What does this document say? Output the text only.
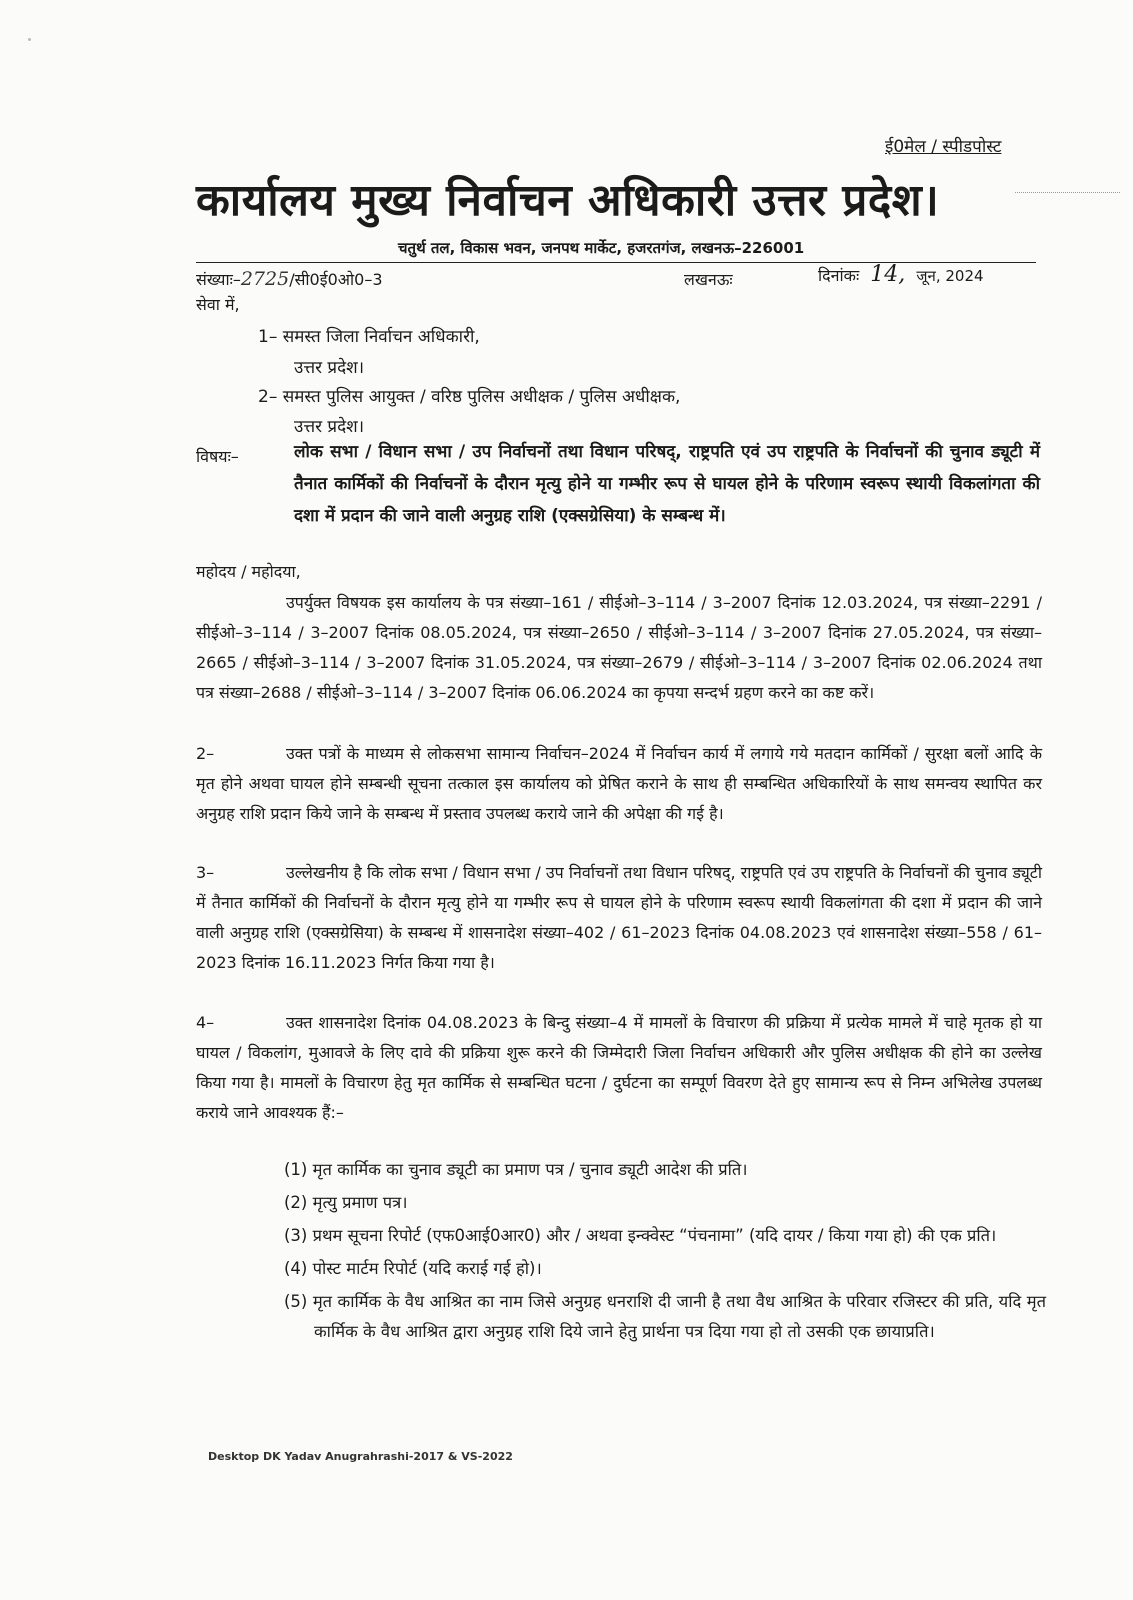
ई0मेल / स्पीडपोस्ट
कार्यालय मुख्य निर्वाचन अधिकारी उत्तर प्रदेश।
चतुर्थ तल, विकास भवन, जनपथ मार्केट, हजरतगंज, लखनऊ–226001
संख्याः–2725/सी0ई0ओ0–3	लखनऊः	दिनांकः 14, जून, 2024
सेवा में,
1– समस्त जिला निर्वाचन अधिकारी,
उत्तर प्रदेश।
2– समस्त पुलिस आयुक्त / वरिष्ठ पुलिस अधीक्षक / पुलिस अधीक्षक,
उत्तर प्रदेश।
विषयः–	लोक सभा / विधान सभा / उप निर्वाचनों तथा विधान परिषद्, राष्ट्रपति एवं उप राष्ट्रपति के निर्वाचनों की चुनाव ड्यूटी में तैनात कार्मिकों की निर्वाचनों के दौरान मृत्यु होने या गम्भीर रूप से घायल होने के परिणाम स्वरूप स्थायी विकलांगता की दशा में प्रदान की जाने वाली अनुग्रह राशि (एक्सग्रेसिया) के सम्बन्ध में।
महोदय / महोदया,

उपर्युक्त विषयक इस कार्यालय के पत्र संख्या–161 / सीईओ–3–114 / 3–2007 दिनांक 12.03.2024, पत्र संख्या–2291 / सीईओ–3–114 / 3–2007 दिनांक 08.05.2024, पत्र संख्या–2650 / सीईओ–3–114 / 3–2007 दिनांक 27.05.2024, पत्र संख्या–2665 / सीईओ–3–114 / 3–2007 दिनांक 31.05.2024, पत्र संख्या–2679 / सीईओ–3–114 / 3–2007 दिनांक 02.06.2024 तथा पत्र संख्या–2688 / सीईओ–3–114 / 3–2007 दिनांक 06.06.2024 का कृपया सन्दर्भ ग्रहण करने का कष्ट करें।

2–	उक्त पत्रों के माध्यम से लोकसभा सामान्य निर्वाचन–2024 में निर्वाचन कार्य में लगाये गये मतदान कार्मिकों / सुरक्षा बलों आदि के मृत होने अथवा घायल होने सम्बन्धी सूचना तत्काल इस कार्यालय को प्रेषित कराने के साथ ही सम्बन्धित अधिकारियों के साथ समन्वय स्थापित कर अनुग्रह राशि प्रदान किये जाने के सम्बन्ध में प्रस्ताव उपलब्ध कराये जाने की अपेक्षा की गई है।

3–	उल्लेखनीय है कि लोक सभा / विधान सभा / उप निर्वाचनों तथा विधान परिषद्, राष्ट्रपति एवं उप राष्ट्रपति के निर्वाचनों की चुनाव ड्यूटी में तैनात कार्मिकों की निर्वाचनों के दौरान मृत्यु होने या गम्भीर रूप से घायल होने के परिणाम स्वरूप स्थायी विकलांगता की दशा में प्रदान की जाने वाली अनुग्रह राशि (एक्सग्रेसिया) के सम्बन्ध में शासनादेश संख्या–402 / 61–2023 दिनांक 04.08.2023 एवं शासनादेश संख्या–558 / 61–2023 दिनांक 16.11.2023 निर्गत किया गया है।

4–	उक्त शासनादेश दिनांक 04.08.2023 के बिन्दु संख्या–4 में मामलों के विचारण की प्रक्रिया में प्रत्येक मामले में चाहे मृतक हो या घायल / विकलांग, मुआवजे के लिए दावे की प्रक्रिया शुरू करने की जिम्मेदारी जिला निर्वाचन अधिकारी और पुलिस अधीक्षक की होने का उल्लेख किया गया है। मामलों के विचारण हेतु मृत कार्मिक से सम्बन्धित घटना / दुर्घटना का सम्पूर्ण विवरण देते हुए सामान्य रूप से निम्न अभिलेख उपलब्ध कराये जाने आवश्यक हैं:–

(1) मृत कार्मिक का चुनाव ड्यूटी का प्रमाण पत्र / चुनाव ड्यूटी आदेश की प्रति।

(2) मृत्यु प्रमाण पत्र।

(3) प्रथम सूचना रिपोर्ट (एफ0आई0आर0) और / अथवा इन्क्वेस्ट “पंचनामा” (यदि दायर / किया गया हो) की एक प्रति।

(4) पोस्ट मार्टम रिपोर्ट (यदि कराई गई हो)।

(5) मृत कार्मिक के वैध आश्रित का नाम जिसे अनुग्रह धनराशि दी जानी है तथा वैध आश्रित के परिवार रजिस्टर की प्रति, यदि मृत कार्मिक के वैध आश्रित द्वारा अनुग्रह राशि दिये जाने हेतु प्रार्थना पत्र दिया गया हो तो उसकी एक छायाप्रति।

Desktop DK Yadav Anugrahrashi-2017 & VS-2022
